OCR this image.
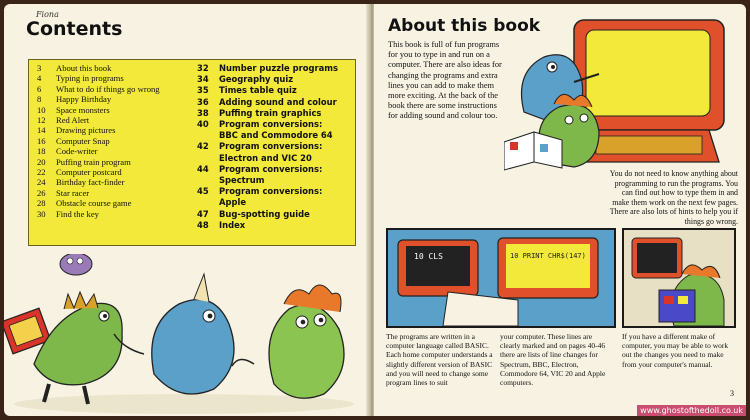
Fiona
Contents
3	About this book
4	Typing in programs
6	What to do if things go wrong
8	Happy Birthday
10	Space monsters
12	Red Alert
14	Drawing pictures
16	Computer Snap
18	Code-writer
20	Puffing train program
22	Computer postcard
24	Birthday fact-finder
26	Star racer
28	Obstacle course game
30	Find the key
32	Number puzzle programs
34	Geography quiz
35	Times table quiz
36	Adding sound and colour
38	Puffing train graphics
40	Program conversions:
BBC and Commodore 64
42	Program conversions:
Electron and VIC 20
44	Program conversions:
Spectrum
45	Program conversions:
Apple
47	Bug-spotting guide
48	Index
About this book

This book is full of fun programs for you to type in and run on a computer. There are also ideas for changing the programs and extra lines you can add to make them more exciting. At the back of the book there are some instructions for adding sound and colour too.

You do not need to know anything about programming to run the programs. You can find out how to type them in and make them work on the next few pages. There are also lots of hints to help you if things go wrong.

10 CLS	10 PRINT CHR$(147)

The programs are written in a computer language called BASIC. Each home computer understands a slightly different version of BASIC and you will need to change some program lines to suit

your computer. These lines are clearly marked and on pages 40-46 there are lists of line changes for Spectrum, BBC, Electron, Commodore 64, VIC 20 and Apple computers.

If you have a different make of computer, you may be able to work out the changes you need to make from your computer's manual.

3
www.ghostofthedoll.co.uk
